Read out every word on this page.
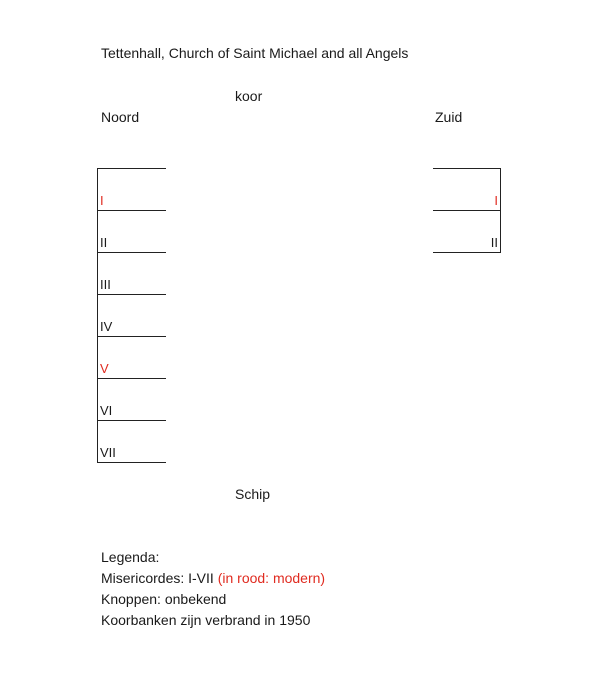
Tettenhall, Church of Saint Michael and all Angels
koor
Noord	Zuid
I
II
III
IV
V
VI
VII
I
II
Schip
Legenda:
Misericordes: I-VII (in rood: modern)
Knoppen: onbekend
Koorbanken zijn verbrand in 1950
